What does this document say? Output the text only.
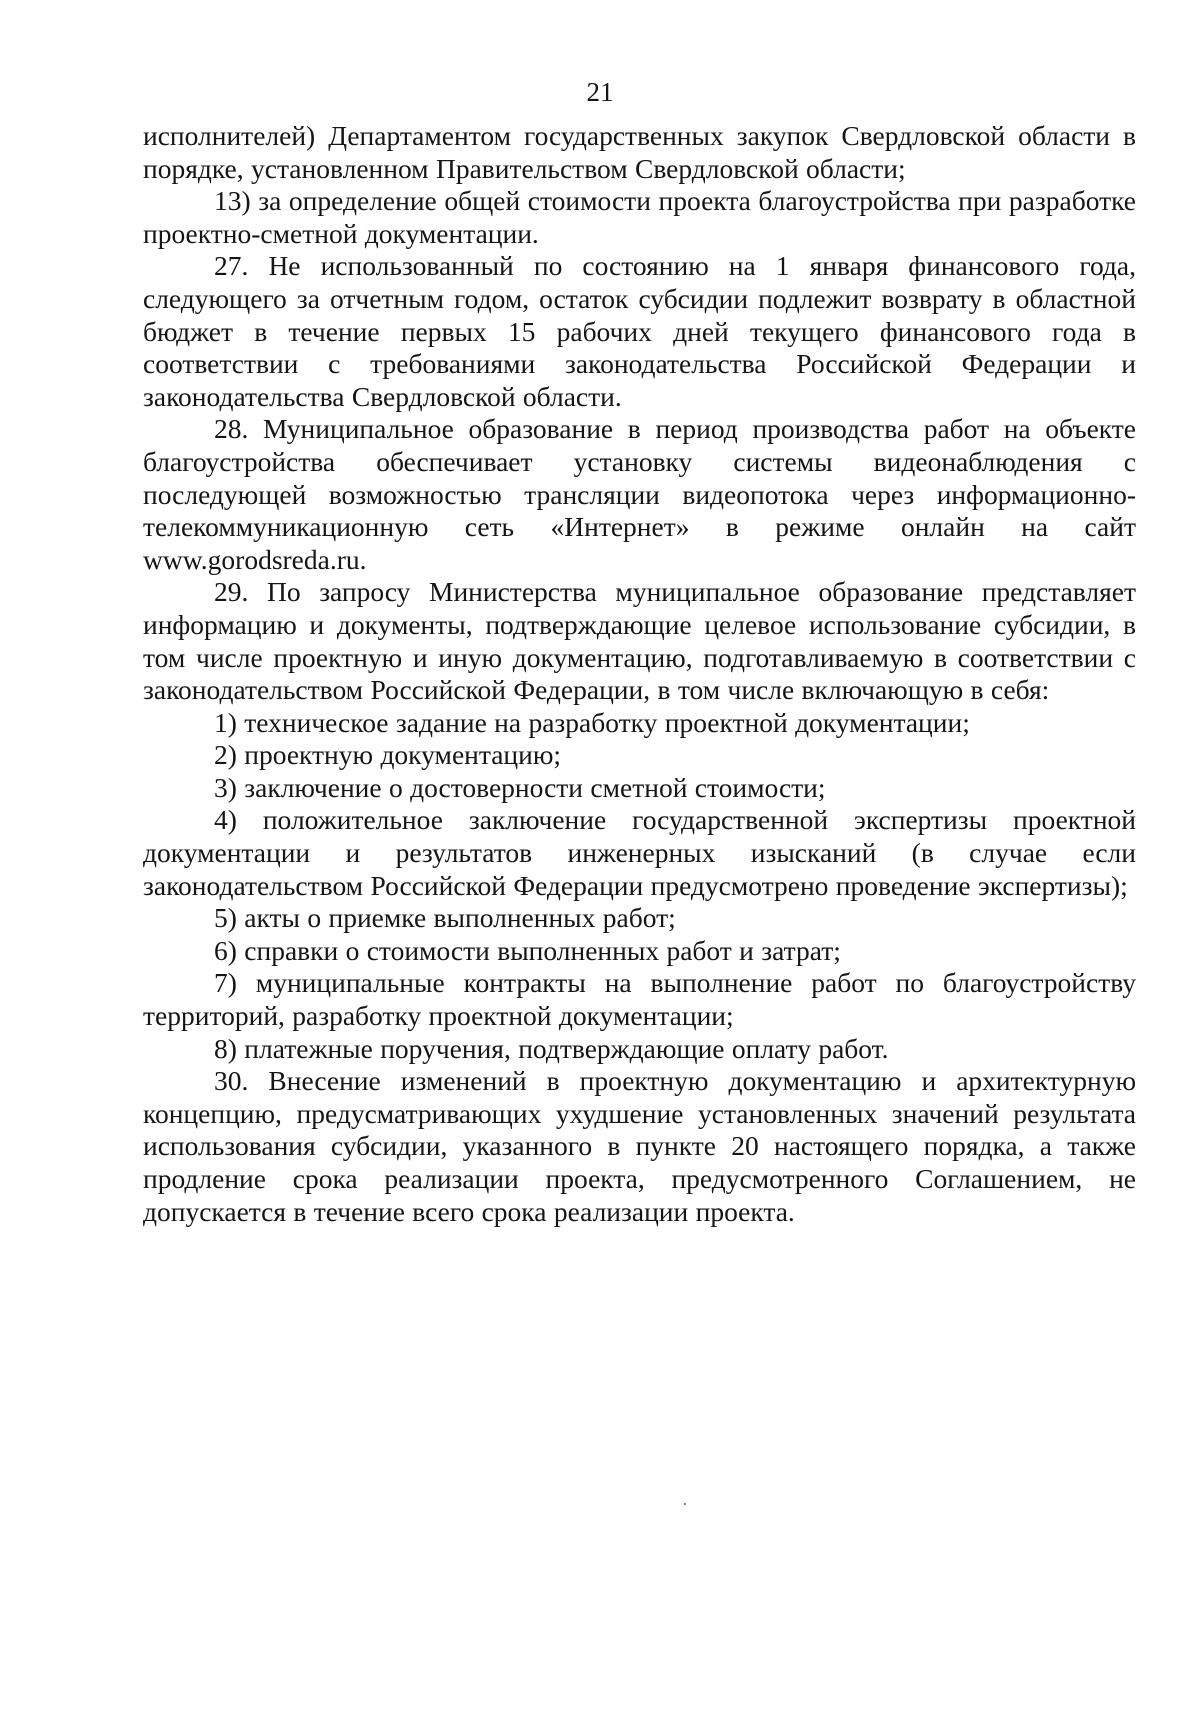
21

исполнителей) Департаментом государственных закупок Свердловской области в порядке, установленном Правительством Свердловской области;

13) за определение общей стоимости проекта благоустройства при разработке проектно-сметной документации.

27. Не использованный по состоянию на 1 января финансового года, следующего за отчетным годом, остаток субсидии подлежит возврату в областной бюджет в течение первых 15 рабочих дней текущего финансового года в соответствии с требованиями законодательства Российской Федерации и законодательства Свердловской области.

28. Муниципальное образование в период производства работ на объекте благоустройства обеспечивает установку системы видеонаблюдения с последующей возможностью трансляции видеопотока через информационно-телекоммуникационную сеть «Интернет» в режиме онлайн на сайт www.gorodsreda.ru.

29. По запросу Министерства муниципальное образование представляет информацию и документы, подтверждающие целевое использование субсидии, в том числе проектную и иную документацию, подготавливаемую в соответствии с законодательством Российской Федерации, в том числе включающую в себя:

1) техническое задание на разработку проектной документации;

2) проектную документацию;

3) заключение о достоверности сметной стоимости;

4) положительное заключение государственной экспертизы проектной документации и результатов инженерных изысканий (в случае если законодательством Российской Федерации предусмотрено проведение экспертизы);

5) акты о приемке выполненных работ;

6) справки о стоимости выполненных работ и затрат;

7) муниципальные контракты на выполнение работ по благоустройству территорий, разработку проектной документации;

8) платежные поручения, подтверждающие оплату работ.

30. Внесение изменений в проектную документацию и архитектурную концепцию, предусматривающих ухудшение установленных значений результата использования субсидии, указанного в пункте 20 настоящего порядка, а также продление срока реализации проекта, предусмотренного Соглашением, не допускается в течение всего срока реализации проекта.
